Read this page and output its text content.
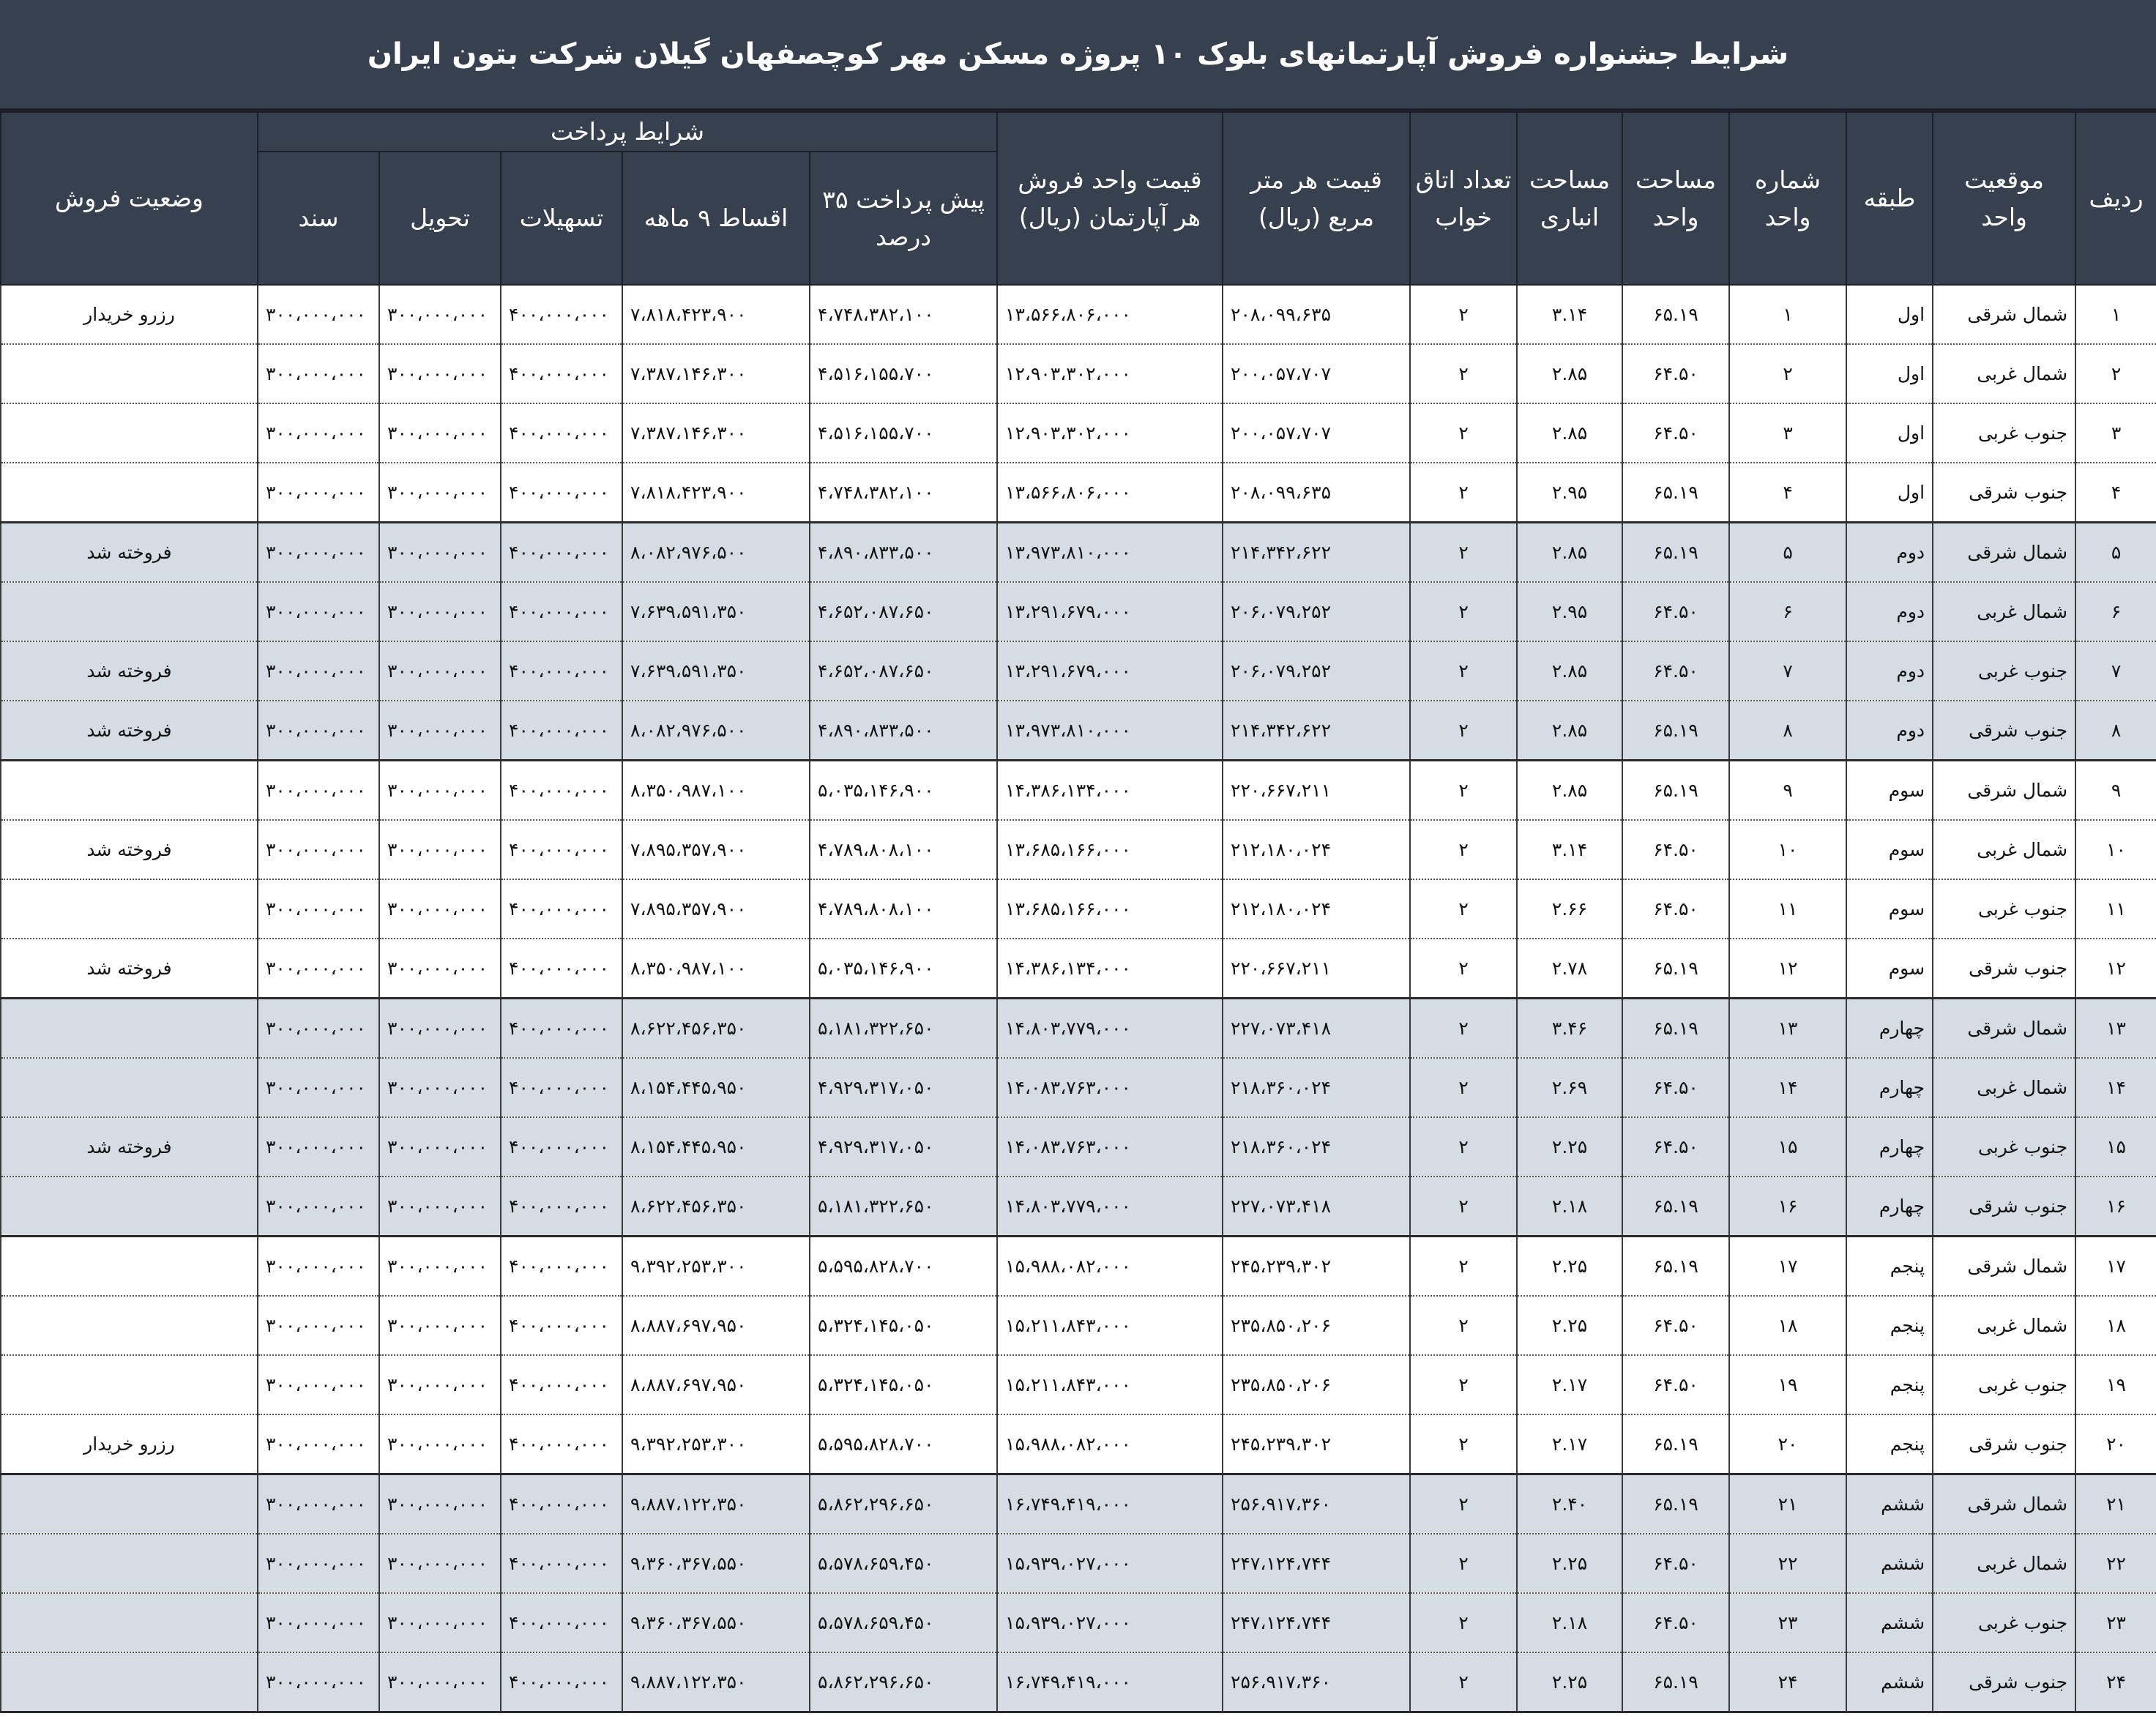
شرایط جشنواره فروش آپارتمانهای بلوک ۱۰ پروژه مسکن مهر کوچصفهان گیلان شرکت بتون ایران
ردیف	موقعیت واحد	طبقه	شماره واحد	مساحت واحد	مساحت انباری	تعداد اتاق خواب	قیمت هر متر مربع (ریال)	قیمت واحد فروش هر آپارتمان (ریال)	شرایط پرداخت					وضعیت فروش
									پیش پرداخت ۳۵ درصد	اقساط ۹ ماهه	تسهیلات	تحویل	سند	
۱	شمال شرقی	اول	۱	۶۵.۱۹	۳.۱۴	۲	۲۰۸،۰۹۹،۶۳۵	۱۳،۵۶۶،۸۰۶،۰۰۰	۴،۷۴۸،۳۸۲،۱۰۰	۷،۸۱۸،۴۲۳،۹۰۰	۴۰۰،۰۰۰،۰۰۰	۳۰۰،۰۰۰،۰۰۰	۳۰۰،۰۰۰،۰۰۰	رزرو خریدار
۲	شمال غربی	اول	۲	۶۴.۵۰	۲.۸۵	۲	۲۰۰،۰۵۷،۷۰۷	۱۲،۹۰۳،۳۰۲،۰۰۰	۴،۵۱۶،۱۵۵،۷۰۰	۷،۳۸۷،۱۴۶،۳۰۰	۴۰۰،۰۰۰،۰۰۰	۳۰۰،۰۰۰،۰۰۰	۳۰۰،۰۰۰،۰۰۰	
۳	جنوب غربی	اول	۳	۶۴.۵۰	۲.۸۵	۲	۲۰۰،۰۵۷،۷۰۷	۱۲،۹۰۳،۳۰۲،۰۰۰	۴،۵۱۶،۱۵۵،۷۰۰	۷،۳۸۷،۱۴۶،۳۰۰	۴۰۰،۰۰۰،۰۰۰	۳۰۰،۰۰۰،۰۰۰	۳۰۰،۰۰۰،۰۰۰	
۴	جنوب شرقی	اول	۴	۶۵.۱۹	۲.۹۵	۲	۲۰۸،۰۹۹،۶۳۵	۱۳،۵۶۶،۸۰۶،۰۰۰	۴،۷۴۸،۳۸۲،۱۰۰	۷،۸۱۸،۴۲۳،۹۰۰	۴۰۰،۰۰۰،۰۰۰	۳۰۰،۰۰۰،۰۰۰	۳۰۰،۰۰۰،۰۰۰	
۵	شمال شرقی	دوم	۵	۶۵.۱۹	۲.۸۵	۲	۲۱۴،۳۴۲،۶۲۲	۱۳،۹۷۳،۸۱۰،۰۰۰	۴،۸۹۰،۸۳۳،۵۰۰	۸،۰۸۲،۹۷۶،۵۰۰	۴۰۰،۰۰۰،۰۰۰	۳۰۰،۰۰۰،۰۰۰	۳۰۰،۰۰۰،۰۰۰	فروخته شد
۶	شمال غربی	دوم	۶	۶۴.۵۰	۲.۹۵	۲	۲۰۶،۰۷۹،۲۵۲	۱۳،۲۹۱،۶۷۹،۰۰۰	۴،۶۵۲،۰۸۷،۶۵۰	۷،۶۳۹،۵۹۱،۳۵۰	۴۰۰،۰۰۰،۰۰۰	۳۰۰،۰۰۰،۰۰۰	۳۰۰،۰۰۰،۰۰۰	
۷	جنوب غربی	دوم	۷	۶۴.۵۰	۲.۸۵	۲	۲۰۶،۰۷۹،۲۵۲	۱۳،۲۹۱،۶۷۹،۰۰۰	۴،۶۵۲،۰۸۷،۶۵۰	۷،۶۳۹،۵۹۱،۳۵۰	۴۰۰،۰۰۰،۰۰۰	۳۰۰،۰۰۰،۰۰۰	۳۰۰،۰۰۰،۰۰۰	فروخته شد
۸	جنوب شرقی	دوم	۸	۶۵.۱۹	۲.۸۵	۲	۲۱۴،۳۴۲،۶۲۲	۱۳،۹۷۳،۸۱۰،۰۰۰	۴،۸۹۰،۸۳۳،۵۰۰	۸،۰۸۲،۹۷۶،۵۰۰	۴۰۰،۰۰۰،۰۰۰	۳۰۰،۰۰۰،۰۰۰	۳۰۰،۰۰۰،۰۰۰	فروخته شد
۹	شمال شرقی	سوم	۹	۶۵.۱۹	۲.۸۵	۲	۲۲۰،۶۶۷،۲۱۱	۱۴،۳۸۶،۱۳۴،۰۰۰	۵،۰۳۵،۱۴۶،۹۰۰	۸،۳۵۰،۹۸۷،۱۰۰	۴۰۰،۰۰۰،۰۰۰	۳۰۰،۰۰۰،۰۰۰	۳۰۰،۰۰۰،۰۰۰	
۱۰	شمال غربی	سوم	۱۰	۶۴.۵۰	۳.۱۴	۲	۲۱۲،۱۸۰،۰۲۴	۱۳،۶۸۵،۱۶۶،۰۰۰	۴،۷۸۹،۸۰۸،۱۰۰	۷،۸۹۵،۳۵۷،۹۰۰	۴۰۰،۰۰۰،۰۰۰	۳۰۰،۰۰۰،۰۰۰	۳۰۰،۰۰۰،۰۰۰	فروخته شد
۱۱	جنوب غربی	سوم	۱۱	۶۴.۵۰	۲.۶۶	۲	۲۱۲،۱۸۰،۰۲۴	۱۳،۶۸۵،۱۶۶،۰۰۰	۴،۷۸۹،۸۰۸،۱۰۰	۷،۸۹۵،۳۵۷،۹۰۰	۴۰۰،۰۰۰،۰۰۰	۳۰۰،۰۰۰،۰۰۰	۳۰۰،۰۰۰،۰۰۰	
۱۲	جنوب شرقی	سوم	۱۲	۶۵.۱۹	۲.۷۸	۲	۲۲۰،۶۶۷،۲۱۱	۱۴،۳۸۶،۱۳۴،۰۰۰	۵،۰۳۵،۱۴۶،۹۰۰	۸،۳۵۰،۹۸۷،۱۰۰	۴۰۰،۰۰۰،۰۰۰	۳۰۰،۰۰۰،۰۰۰	۳۰۰،۰۰۰،۰۰۰	فروخته شد
۱۳	شمال شرقی	چهارم	۱۳	۶۵.۱۹	۳.۴۶	۲	۲۲۷،۰۷۳،۴۱۸	۱۴،۸۰۳،۷۷۹،۰۰۰	۵،۱۸۱،۳۲۲،۶۵۰	۸،۶۲۲،۴۵۶،۳۵۰	۴۰۰،۰۰۰،۰۰۰	۳۰۰،۰۰۰،۰۰۰	۳۰۰،۰۰۰،۰۰۰	
۱۴	شمال غربی	چهارم	۱۴	۶۴.۵۰	۲.۶۹	۲	۲۱۸،۳۶۰،۰۲۴	۱۴،۰۸۳،۷۶۳،۰۰۰	۴،۹۲۹،۳۱۷،۰۵۰	۸،۱۵۴،۴۴۵،۹۵۰	۴۰۰،۰۰۰،۰۰۰	۳۰۰،۰۰۰،۰۰۰	۳۰۰،۰۰۰،۰۰۰	
۱۵	جنوب غربی	چهارم	۱۵	۶۴.۵۰	۲.۲۵	۲	۲۱۸،۳۶۰،۰۲۴	۱۴،۰۸۳،۷۶۳،۰۰۰	۴،۹۲۹،۳۱۷،۰۵۰	۸،۱۵۴،۴۴۵،۹۵۰	۴۰۰،۰۰۰،۰۰۰	۳۰۰،۰۰۰،۰۰۰	۳۰۰،۰۰۰،۰۰۰	فروخته شد
۱۶	جنوب شرقی	چهارم	۱۶	۶۵.۱۹	۲.۱۸	۲	۲۲۷،۰۷۳،۴۱۸	۱۴،۸۰۳،۷۷۹،۰۰۰	۵،۱۸۱،۳۲۲،۶۵۰	۸،۶۲۲،۴۵۶،۳۵۰	۴۰۰،۰۰۰،۰۰۰	۳۰۰،۰۰۰،۰۰۰	۳۰۰،۰۰۰،۰۰۰	
۱۷	شمال شرقی	پنجم	۱۷	۶۵.۱۹	۲.۲۵	۲	۲۴۵،۲۳۹،۳۰۲	۱۵،۹۸۸،۰۸۲،۰۰۰	۵،۵۹۵،۸۲۸،۷۰۰	۹،۳۹۲،۲۵۳،۳۰۰	۴۰۰،۰۰۰،۰۰۰	۳۰۰،۰۰۰،۰۰۰	۳۰۰،۰۰۰،۰۰۰	
۱۸	شمال غربی	پنجم	۱۸	۶۴.۵۰	۲.۲۵	۲	۲۳۵،۸۵۰،۲۰۶	۱۵،۲۱۱،۸۴۳،۰۰۰	۵،۳۲۴،۱۴۵،۰۵۰	۸،۸۸۷،۶۹۷،۹۵۰	۴۰۰،۰۰۰،۰۰۰	۳۰۰،۰۰۰،۰۰۰	۳۰۰،۰۰۰،۰۰۰	
۱۹	جنوب غربی	پنجم	۱۹	۶۴.۵۰	۲.۱۷	۲	۲۳۵،۸۵۰،۲۰۶	۱۵،۲۱۱،۸۴۳،۰۰۰	۵،۳۲۴،۱۴۵،۰۵۰	۸،۸۸۷،۶۹۷،۹۵۰	۴۰۰،۰۰۰،۰۰۰	۳۰۰،۰۰۰،۰۰۰	۳۰۰،۰۰۰،۰۰۰	
۲۰	جنوب شرقی	پنجم	۲۰	۶۵.۱۹	۲.۱۷	۲	۲۴۵،۲۳۹،۳۰۲	۱۵،۹۸۸،۰۸۲،۰۰۰	۵،۵۹۵،۸۲۸،۷۰۰	۹،۳۹۲،۲۵۳،۳۰۰	۴۰۰،۰۰۰،۰۰۰	۳۰۰،۰۰۰،۰۰۰	۳۰۰،۰۰۰،۰۰۰	رزرو خریدار
۲۱	شمال شرقی	ششم	۲۱	۶۵.۱۹	۲.۴۰	۲	۲۵۶،۹۱۷،۳۶۰	۱۶،۷۴۹،۴۱۹،۰۰۰	۵،۸۶۲،۲۹۶،۶۵۰	۹،۸۸۷،۱۲۲،۳۵۰	۴۰۰،۰۰۰،۰۰۰	۳۰۰،۰۰۰،۰۰۰	۳۰۰،۰۰۰،۰۰۰	
۲۲	شمال غربی	ششم	۲۲	۶۴.۵۰	۲.۲۵	۲	۲۴۷،۱۲۴،۷۴۴	۱۵،۹۳۹،۰۲۷،۰۰۰	۵،۵۷۸،۶۵۹،۴۵۰	۹،۳۶۰،۳۶۷،۵۵۰	۴۰۰،۰۰۰،۰۰۰	۳۰۰،۰۰۰،۰۰۰	۳۰۰،۰۰۰،۰۰۰	
۲۳	جنوب غربی	ششم	۲۳	۶۴.۵۰	۲.۱۸	۲	۲۴۷،۱۲۴،۷۴۴	۱۵،۹۳۹،۰۲۷،۰۰۰	۵،۵۷۸،۶۵۹،۴۵۰	۹،۳۶۰،۳۶۷،۵۵۰	۴۰۰،۰۰۰،۰۰۰	۳۰۰،۰۰۰،۰۰۰	۳۰۰،۰۰۰،۰۰۰	
۲۴	جنوب شرقی	ششم	۲۴	۶۵.۱۹	۲.۲۵	۲	۲۵۶،۹۱۷،۳۶۰	۱۶،۷۴۹،۴۱۹،۰۰۰	۵،۸۶۲،۲۹۶،۶۵۰	۹،۸۸۷،۱۲۲،۳۵۰	۴۰۰،۰۰۰،۰۰۰	۳۰۰،۰۰۰،۰۰۰	۳۰۰،۰۰۰،۰۰۰	
